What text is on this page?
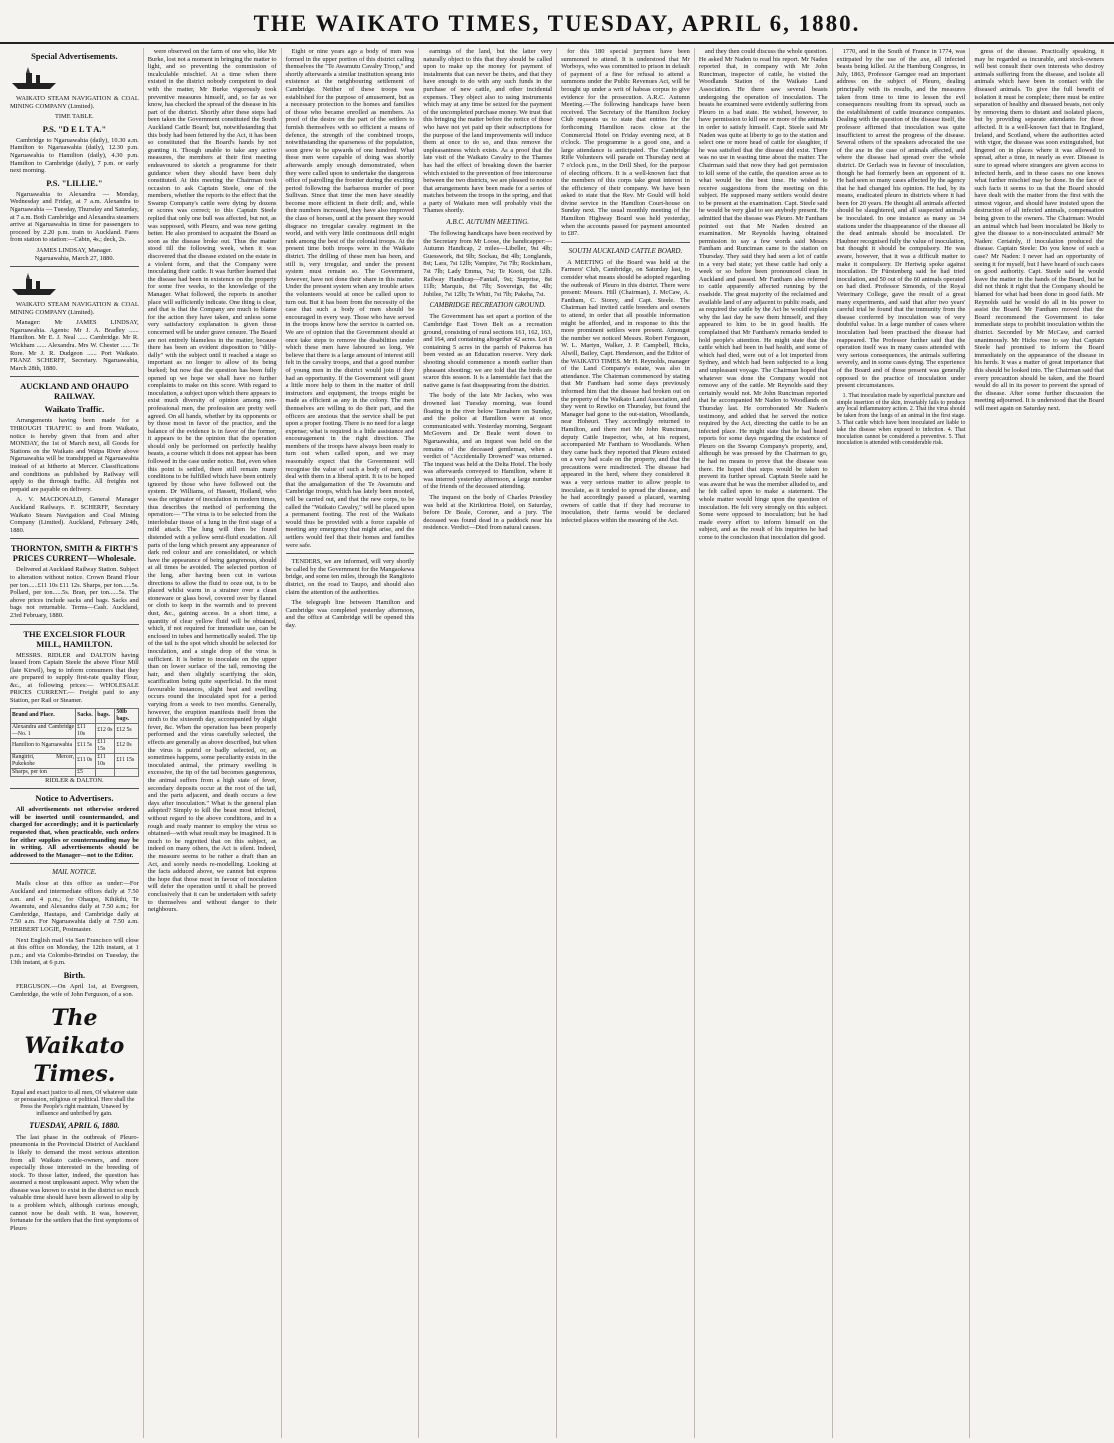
THE WAIKATO TIMES, TUESDAY, APRIL 6, 1880.
Special Advertisements.
WAIKATO STEAM NAVIGATION & COAL MINING COMPANY (Limited).
TIME TABLE.
P.S. "D E L T A."
Cambridge to Ngaruawahia (daily), 10.30 a.m. Hamilton to Ngaruawahia (daily), 12.30 p.m. Ngaruawahia to Hamilton (daily), 4.30 p.m. Hamilton to Cambridge (daily), 7 p.m. or early next morning.
P.S. "LILLIE."
Ngaruawahia to Alexandra — Monday, Wednesday and Friday, at 7 a.m. Alexandra to Ngaruawahia — Tuesday, Thursday and Saturday, at 7 a.m. Both Cambridge and Alexandra steamers arrive at Ngaruawahia in time for passengers to proceed by 2.20 p.m. train to Auckland. Fares from station to station:—Cabin, 4s.; deck, 2s.
JAMES LINDSAY, Manager.
Ngaruawahia, March 27, 1880.
WAIKATO STEAM NAVIGATION & COAL MINING COMPANY (Limited).
Manager: Mr JAMES LINDSAY, Ngaruawahia. Agents: Mr J. A. Bradley ...... Hamilton. Mr E. J. Neal ...... Cambridge. Mr R. Wickham ...... Alexandra. Mrs W. Chester ...... Te Rore. Mr J. R. Dudgeon ...... Port Waikato. FRANZ SCHERFF, Secretary. Ngaruawahia, March 28th, 1880.
AUCKLAND AND OHAUPO RAILWAY.
Waikato Traffic.
Arrangements having been made for a THROUGH TRAFFIC to and from Waikato, notice is hereby given that from and after MONDAY, the 1st of March next, all Goods for Stations on the Waikato and Waipa River above Ngaruawahia will be transhipped at Ngaruawahia instead of at hitherto at Mercer. Classifications and conditions as published by Railway will apply to the through traffic. All freights not prepaid are payable on delivery.
A. V. MACDONALD, General Manager Auckland Railways. F. SCHERFF, Secretary Waikato Steam Navigation and Coal Mining Company (Limited). Auckland, February 24th, 1880.
THORNTON, SMITH & FIRTH'S PRICES CURRENT—Wholesale.
Delivered at Auckland Railway Station. Subject to alteration without notice. Crown Brand Flour per ton......£11 10s £11 12s. Sharps, per ton......5s. Pollard, per ton......5s. Bran, per ton......5s. The above prices include sacks and bags. Sacks and bags not returnable. Terms—Cash. Auckland, 23rd February, 1880.
THE EXCELSIOR FLOUR MILL, HAMILTON.
MESSRS. RIDLER and DALTON having leased from Captain Steele the above Flour Mill (late Kirwil), beg to inform consumers that they are prepared to supply first-rate quality Flour, &c., at following prices:— WHOLESALE PRICES CURRENT.— Freight paid to any Station, per Rail or Steamer.
Brand and Place.	Sacks.	bags.	50lb bags.
Alexandra and Cambridge—No. 1	£11 10s	£12 0s	£12 5s
Hamilton to Ngaruawahia	£11 5s	£11 15s	£12 0s
Rangiriri, Mercer, Pukekohe	£11 0s	£11 10s	£11 15s
Sharps, per ton	£5		
RIDLER & DALTON.
Notice to Advertisers.
All advertisements not otherwise ordered will be inserted until countermanded, and charged for accordingly; and it is particularly requested that, when practicable, such orders for either supplies or countermanding may be in writing. All advertisements should be addressed to the Manager—not to the Editor.
MAIL NOTICE.
Mails close at this office as under:—For Auckland and intermediate offices daily at 7.50 a.m. and 4 p.m.; for Ohaupo, Kihikihi, Te Awamutu, and Alexandra daily at 7.50 a.m.; for Cambridge, Hautapu, and Cambridge daily at 7.50 a.m. For Ngaruawahia daily at 7.50 a.m. HERBERT LOGIE, Postmaster.
Next English mail via San Francisco will close at this office on Monday, the 12th instant, at 1 p.m.; and via Colombo-Brindisi on Tuesday, the 13th instant, at 6 p.m.
Birth.
FERGUSON.—On April 1st, at Evergreen, Cambridge, the wife of John Ferguson, of a son.
The Waikato Times.
Equal and exact justice to all men, Of whatever state or persuasion, religious or political. Here shall the Press the People's right maintain, Unawed by influence and unbribed by gain.
TUESDAY, APRIL 6, 1880.
The last phase in the outbreak of Pleuro-pneumonia in the Provincial District of Auckland is likely to demand the most serious attention from all Waikato cattle-owners, and more especially those interested in the breeding of stock. To those latter, indeed, the question has assumed a most unpleasant aspect. Why when the disease was known to exist in the district so much valuable time should have been allowed to slip by is a problem which, although curious enough, cannot now be dealt with. It was, however, fortunate for the settlers that the first symptoms of Pleuro
were observed on the farm of one who, like Mr Burke, lost not a moment in bringing the matter to light, and so preventing the commission of incalculable mischief. At a time when there existed in the district nobody competent to deal with the matter, Mr Burke vigorously took preventive measures himself, and, so far as we know, has checked the spread of the disease in his part of the district. Shortly after these steps had been taken the Government constituted the South Auckland Cattle Board; but, notwithstanding that this body had been fettered by the Act, it has been so constituted that the Board's hands by not granting it. Though unable to take any active measures, the members at their first meeting endeavoured to sketch a programme for their guidance when they should have been duly constituted. At this meeting the Chairman took occasion to ask Captain Steele, one of the members, whether the reports to the effect that the Swamp Company's cattle were dying by dozens or scores was correct; to this Captain Steele replied that only one bull was affected, but not, as was supposed, with Pleuro, and was now getting better. He also promised to acquaint the Board as soon as the disease broke out. Thus the matter stood till the following week, when it was discovered that the disease existed on the estate in a violent form, and that the Company were inoculating their cattle. It was further learned that the disease had been in existence on the property for some five weeks, to the knowledge of the Manager. What followed, the reports in another place will sufficiently indicate. One thing is clear, and that is that the Company are much to blame for the action they have taken, and unless some very satisfactory explanation is given those concerned will be under grave censure. The Board are not entirely blameless in the matter, because there has been an evident disposition to "dilly-dally" with the subject until it reached a stage so important as no longer to allow of its being burked; but now that the question has been fully opened up we hope we shall have no further complaints to make on this score. With regard to inoculation, a subject upon which there appears to exist much diversity of opinion among non-professional men, the profession are pretty well agreed. On all hands, whether by its opponents or by those most in favor of the practice, and the balance of the evidence is in favor of the former, it appears to be the opinion that the operation should only be performed on perfectly healthy beasts, a course which it does not appear has been followed in the case under notice. But, even when this point is settled, there still remain many conditions to be fulfilled which have been entirely ignored by those who have followed out the system. Dr Williams, of Hassett, Holland, who was the originator of inoculation in modern times, thus describes the method of performing the operation:— "The virus is to be selected from the interlobular tissue of a lung in the first stage of a mild attack. The lung will then be found distended with a yellow semi-fluid exudation. All parts of the lung which present any appearance of dark red colour and are consolidated, or which have the appearance of being gangrenous, should at all times be avoided. The selected portion of the lung, after having been cut in various directions to allow the fluid to ooze out, is to be placed whilst warm in a strainer over a clean stoneware or glass bowl, covered over by flannel or cloth to keep in the warmth and to prevent dust, &c., gaining access. In a short time, a quantity of clear yellow fluid will be obtained, which, if not required for immediate use, can be enclosed in tubes and hermetically sealed. The tip of the tail is the spot which should be selected for inoculation, and a single drop of the virus is sufficient. It is better to inoculate on the upper than on lower surface of the tail, removing the hair, and then slightly scarifying the skin, scarification being quite superficial. In the most favourable instances, slight heat and swelling occurs round the inoculated spot for a period varying from a week to two months. Generally, however, the eruption manifests itself from the ninth to the sixteenth day, accompanied by slight fever, &c. When the operation has been properly performed and the virus carefully selected, the effects are generally as above described, but when the virus is putrid or badly selected, or, as sometimes happens, some peculiarity exists in the inoculated animal, the primary swelling is excessive, the tip of the tail becomes gangrenous, the animal suffers from a high state of fever, secondary deposits occur at the root of the tail, and the parts adjacent, and death occurs a few days after inoculation." What is the general plan adopted? Simply to kill the beast most infected, without regard to the above conditions, and in a rough and ready manner to employ the virus so obtained—with what result may be imagined. It is much to be regretted that on this subject, as indeed on many others, the Act is silent. Indeed, the measure seems to be rather a draft than an Act, and sorely needs re-modelling. Looking at the facts adduced above, we cannot but express the hope that those most in favour of inoculation will defer the operation until it shall be proved conclusively that it can be undertaken with safety to themselves and without danger to their neighbours.
Eight or nine years ago a body of men was formed in the upper portion of this district calling themselves the "Te Awamutu Cavalry Troop," and shortly afterwards a similar institution sprang into existence at the neighbouring settlement of Cambridge. Neither of these troops was established for the purpose of amusement, but as a necessary protection to the homes and families of those who became enrolled as members. As proof of the desire on the part of the settlers to furnish themselves with so efficient a means of defence, the strength of the combined troops, notwithstanding the sparseness of the population, soon grew to be upwards of one hundred. What these men were capable of doing was shortly afterwards amply enough demonstrated, when they were called upon to undertake the dangerous office of patrolling the frontier during the exciting period following the barbarous murder of poor Sullivan. Since that time the men have steadily become more efficient in their drill; and, while their numbers increased, they have also improved the class of horses, until at the present they would disgrace no irregular cavalry regiment in the world, and with very little continuous drill might rank among the best of the colonial troops. At the present time both troops were in the Waikato district. The drilling of these men has been, and still is, very irregular, and under the present system must remain so. The Government, however, have not done their share in this matter. Under the present system when any trouble arises the volunteers would at once be called upon to turn out. But it has been from the necessity of the case that such a body of men should be encouraged in every way. Those who have served in the troops know how the service is carried on. We are of opinion that the Government should at once take steps to remove the disabilities under which these men have laboured so long. We believe that there is a large amount of interest still felt in the cavalry troops, and that a good number of young men in the district would join if they had an opportunity. If the Government will grant a little more help to them in the matter of drill instructors and equipment, the troops might be made as efficient as any in the colony. The men themselves are willing to do their part, and the officers are anxious that the service shall be put upon a proper footing. There is no need for a large expense; what is required is a little assistance and encouragement in the right direction. The members of the troops have always been ready to turn out when called upon, and we may reasonably expect that the Government will recognise the value of such a body of men, and deal with them in a liberal spirit. It is to be hoped that the amalgamation of the Te Awamutu and Cambridge troops, which has lately been mooted, will be carried out, and that the new corps, to be called the "Waikato Cavalry," will be placed upon a permanent footing. The rest of the Waikato would thus be provided with a force capable of meeting any emergency that might arise, and the settlers would feel that their homes and families were safe.
TENDERS, we are informed, will very shortly be called by the Government for the Mangaokewa bridge, and some ten miles, through the Rangitoto district, on the road to Taupo, and should also claim the attention of the authorities.
The telegraph line between Hamilton and Cambridge was completed yesterday afternoon, and the office at Cambridge will be opened this day.
earnings of the land, but the latter very naturally object to this that they should be called upon to make up the money for payment of instalments that can never be theirs, and that they have enough to do with any such funds in the purchase of new cattle, and other incidental expenses. They object also to using instruments which may at any time be seized for the payment of the uncompleted purchase money. We trust that this bringing the matter before the notice of those who have not yet paid up their subscriptions for the purpose of the land improvements will induce them at once to do so, and thus remove the unpleasantness which exists. As a proof that the late visit of the Waikato Cavalry to the Thames has had the effect of breaking down the barrier which existed to the prevention of free intercourse between the two districts, we are pleased to notice that arrangements have been made for a series of matches between the troops in the spring, and that a party of Waikato men will probably visit the Thames shortly.
A.B.C. AUTUMN MEETING.
The following handicaps have been received by the Secretary from Mr Loose, the handicapper:—Autumn Handicap, 2 miles—Libeller, 9st 4lb; Guesswork, 8st 9lb; Sockau, 8st 4lb; Longlands, 8st; Lara, 7st 12lb; Vampire, 7st 7lb; Rockinham, 7st 7lb; Lady Emma, 7st; Te Kooti, 6st 12lb. Railway Handicap—Fantail, 9st; Surprise, 8st 11lb; Marquis, 8st 7lb; Sovereign, 8st 4lb; Jubilee, 7st 12lb; Te Whiti, 7st 7lb; Pakeha, 7st.
CAMBRIDGE RECREATION GROUND.
The Government has set apart a portion of the Cambridge East Town Belt as a recreation ground, consisting of rural sections 161, 162, 163, and 164, and containing altogether 42 acres. Lot 8 containing 5 acres in the parish of Pukeroa has been vested as an Education reserve. Very dark shooting should commence a month earlier than pheasant shooting; we are told that the birds are scarce this season. It is a lamentable fact that the native game is fast disappearing from the district.
The body of the late Mr Jackes, who was drowned last Tuesday morning, was found floating in the river below Tamahere on Sunday, and the police at Hamilton were at once communicated with. Yesterday morning, Sergeant McGovern and Dr Beale went down to Ngaruawahia, and an inquest was held on the remains of the deceased gentleman, when a verdict of "Accidentally Drowned" was returned. The inquest was held at the Delta Hotel. The body was afterwards conveyed to Hamilton, where it was interred yesterday afternoon, a large number of the friends of the deceased attending.
The inquest on the body of Charles Priestley was held at the Kirikiriroa Hotel, on Saturday, before Dr Beale, Coroner, and a jury. The deceased was found dead in a paddock near his residence. Verdict—Died from natural causes.
for this 180 special jurymen have been summoned to attend. It is understood that Mr Worboys, who was committed to prison in default of payment of a fine for refusal to attend a summons under the Public Revenues Act, will be brought up under a writ of habeas corpus to give evidence for the prosecution. A.R.C. Autumn Meeting.—The following handicaps have been received. The Secretary of the Hamilton Jockey Club requests us to state that entries for the forthcoming Hamilton races close at the Commercial Hotel on Friday evening next, at 8 o'clock. The programme is a good one, and a large attendance is anticipated. The Cambridge Rifle Volunteers will parade on Thursday next at 7 o'clock p.m., in the Drill Shed, for the purpose of electing officers. It is a well-known fact that the members of this corps take great interest in the efficiency of their company. We have been asked to state that the Rev. Mr Gould will hold divine service in the Hamilton Court-house on Sunday next. The usual monthly meeting of the Hamilton Highway Board was held yesterday, when the accounts passed for payment amounted to £87.
SOUTH AUCKLAND CATTLE BOARD.
A MEETING of the Board was held at the Farmers' Club, Cambridge, on Saturday last, to consider what means should be adopted regarding the outbreak of Pleuro in this district. There were present: Messrs. Hill (Chairman), J. McCaw, A. Fantham, C. Storey, and Capt. Steele. The Chairman had invited cattle breeders and owners to attend, in order that all possible information might be afforded, and in response to this the more prominent settlers were present. Amongst the number we noticed Messrs. Robert Ferguson, W. L. Martyn, Walker, J. P. Campbell, Hicks, Alwill, Bailey, Capt. Henderson, and the Editor of the WAIKATO TIMES. Mr H. Reynolds, manager of the Land Company's estate, was also in attendance. The Chairman commenced by stating that Mr Fantham had some days previously informed him that the disease had broken out on the property of the Waikato Land Association, and they went to Rewiko on Thursday, but found the Manager had gone to the out-station, Woodlands, near Hoheuri. They accordingly returned to Hamilton, and there met Mr John Runciman, deputy Cattle Inspector, who, at his request, accompanied Mr Fantham to Woodlands. When they came back they reported that Pleuro existed on a very bad scale on the property, and that the precautions were misdirected. The disease had appeared in the herd, where they considered it was a very serious matter to allow people to inoculate, as it tended to spread the disease, and he had accordingly passed a placard, warning owners of cattle that if they had recourse to inoculation, their farms would be declared infected places within the meaning of the Act.
and they then could discuss the whole question. He asked Mr Naden to read his report. Mr Naden reported that, in company with Mr John Runciman, inspector of cattle, he visited the Woodlands Station of the Waikato Land Association. He there saw several beasts undergoing the operation of inoculation. The beasts he examined were evidently suffering from Pleuro in a bad state. He wished, however, to have permission to kill one or more of the animals in order to satisfy himself. Capt. Steele said Mr Naden was quite at liberty to go to the station and select one or more head of cattle for slaughter, if he was satisfied that the disease did exist. There was no use in wasting time about the matter. The Chairman said that now they had got permission to kill some of the cattle, the question arose as to what would be the best time. He wished to receive suggestions from the meeting on this subject. He supposed many settlers would desire to be present at the examination. Capt. Steele said he would be very glad to see anybody present. He admitted that the disease was Pleuro. Mr Fantham pointed out that Mr Naden desired an examination. Mr Reynolds having obtained permission to say a few words said Messrs Fantham and Runciman came to the station on Thursday. They said they had seen a lot of cattle in a very bad state; yet these cattle had only a week or so before been pronounced clean in Auckland and passed. Mr Fantham also referred to cattle apparently affected running by the roadside. The great majority of the reclaimed and available land of any adjacent to public roads, and as required the cattle by the Act he would explain why the last day he saw them himself, and they appeared to him to be in good health. He complained that Mr Fantham's remarks tended to hold people's attention. He might state that the cattle which had been in bad health, and some of which had died, were out of a lot imported from Sydney, and which had been subjected to a long and unpleasant voyage. The Chairman hoped that whatever was done the Company would not remove any of the cattle. Mr Reynolds said they certainly would not. Mr John Runciman reported that he accompanied Mr Naden to Woodlands on Thursday last. He corroborated Mr Naden's testimony, and added that he served the notice required by the Act, directing the cattle to be an infected place. He might state that he had heard reports for some days regarding the existence of Pleuro on the Swamp Company's property, and, although he was pressed by the Chairman to go, he had no means to prove that the disease was there. He hoped that steps would be taken to prevent its further spread. Captain Steele said he was aware that he was the member alluded to, and he felt called upon to make a statement. The whole matter would hinge upon the question of inoculation. He felt very strongly on this subject. Some were opposed to inoculation; but he had made every effort to inform himself on the subject, and as the result of his inquiries he had come to the conclusion that inoculation did good.
1770, and in the South of France in 1774, was extirpated by the use of the axe, all infected beasts being killed. At the Hamburg Congress, in July, 1863, Professor Gamgee read an important address on the subject of Pleuro, dealing principally with its results, and the measures taken from time to time to lessen the evil consequences resulting from its spread, such as the establishment of cattle insurance companies. Dealing with the question of the disease itself, the professor affirmed that inoculation was quite insufficient to arrest the progress of the disease. Several others of the speakers advocated the use of the axe in the case of animals affected, and where the disease had spread over the whole district. Dr Gerlach was in favour of inoculation, though he had formerly been an opponent of it. He had seen so many cases affected by the agency that he had changed his opinion. He had, by its means, eradicated pleuro in districts where it had been for 20 years. He thought all animals affected should be slaughtered, and all suspected animals be inoculated. In one instance as many as 34 stations under the disappearance of the disease all the dead animals should be inoculated. Dr Haubner recognised fully the value of inoculation, but thought it should be compulsory. He was aware, however, that it was a difficult matter to make it compulsory. Dr Hertwig spoke against inoculation. Dr Fürstenberg said he had tried inoculation, and 50 out of the 60 animals operated on had died. Professor Simonds, of the Royal Veterinary College, gave the result of a great many experiments, and said that after two years' careful trial he found that the immunity from the disease conferred by inoculation was of very doubtful value. In a large number of cases where inoculation had been practised the disease had reappeared. The Professor further said that the operation itself was in many cases attended with very serious consequences, the animals suffering severely, and in some cases dying. The experience of the Board and of those present was generally opposed to the practice of inoculation under present circumstances.
1. That inoculation made by superficial puncture and simple insertion of the skin, invariably fails to produce any local inflammatory action. 2. That the virus should be taken from the lungs of an animal in the first stage. 3. That cattle which have been inoculated are liable to take the disease when exposed to infection. 4. That inoculation cannot be considered a preventive. 5. That inoculation is attended with considerable risk.
gress of the disease. Practically speaking, it may be regarded as incurable, and stock-owners will best consult their own interests who destroy animals suffering from the disease, and isolate all animals which have been in contact with the diseased animals. To give the full benefit of isolation it must be complete; there must be entire separation of healthy and diseased beasts, not only by removing them to distant and isolated places, but by providing separate attendants for those affected. It is a well-known fact that in England, Ireland, and Scotland, where the authorities acted with vigor, the disease was soon extinguished, but lingered on in places where it was allowed to spread, after a time, in nearly as ever. Disease is sure to spread where strangers are given access to infected herds, and in these cases no one knows what further mischief may be done. In the face of such facts it seems to us that the Board should have dealt with the matter from the first with the utmost vigour, and should have insisted upon the destruction of all infected animals, compensation being given to the owners. The Chairman: Would an animal which had been inoculated be likely to give the disease to a non-inoculated animal? Mr Naden: Certainly, if inoculation produced the disease. Captain Steele: Do you know of such a case? Mr Naden: I never had an opportunity of seeing it for myself, but I have heard of such cases on good authority. Capt. Steele said he would leave the matter in the hands of the Board, but he did not think it right that the Company should be blamed for what had been done in good faith. Mr Reynolds said he would do all in his power to assist the Board. Mr Fantham moved that the Board recommend the Government to take immediate steps to prohibit inoculation within the district. Seconded by Mr McCaw, and carried unanimously. Mr Hicks rose to say that Captain Steele had promised to inform the Board immediately on the appearance of the disease in his herds. It was a matter of great importance that this should be looked into. The Chairman said that every precaution should be taken, and the Board would do all in its power to prevent the spread of the disease. After some further discussion the meeting adjourned. It is understood that the Board will meet again on Saturday next.
